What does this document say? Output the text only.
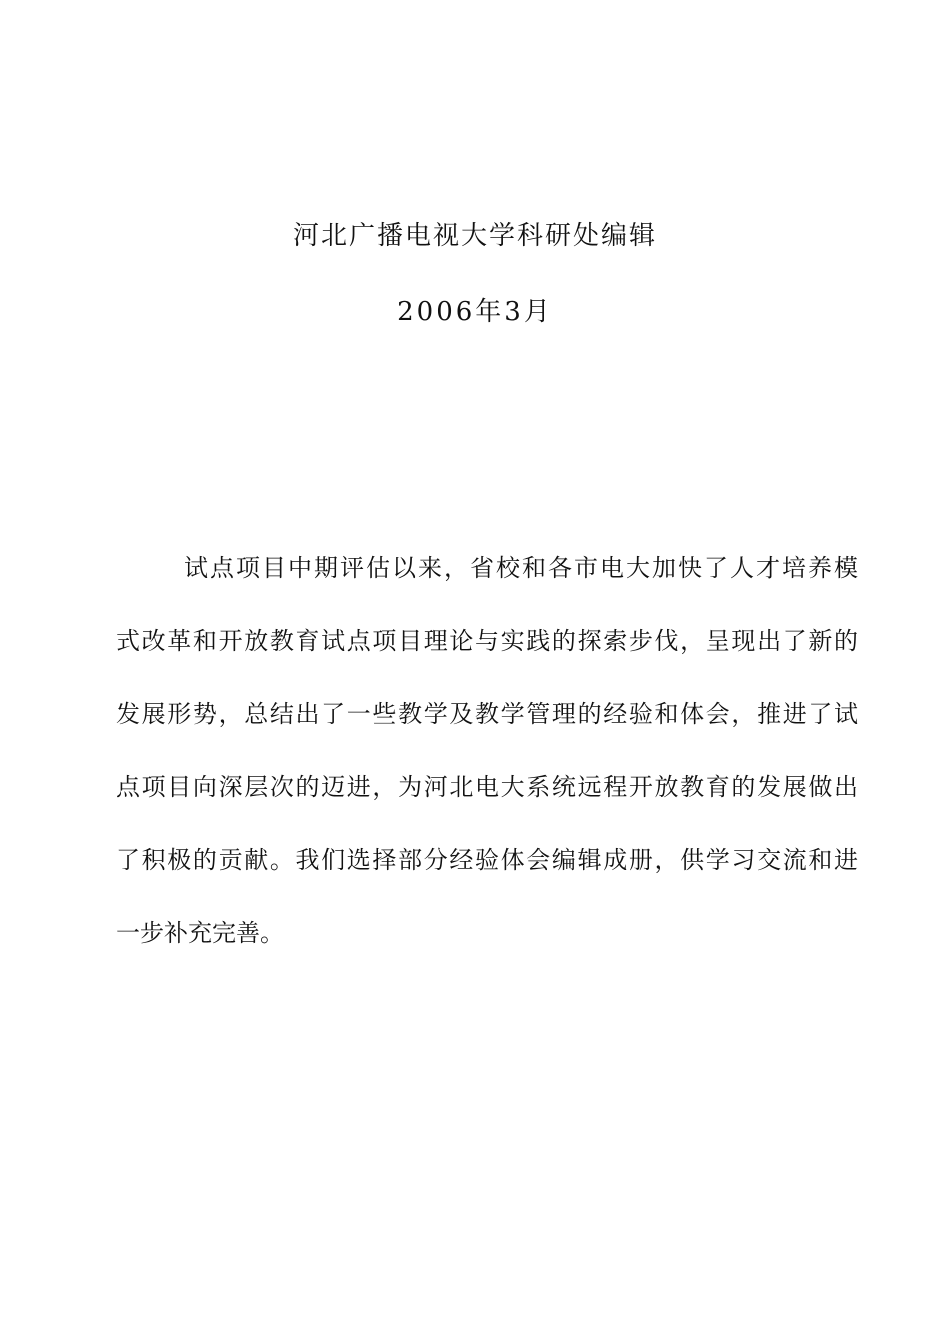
河北广播电视大学科研处编辑
2006年3月
试点项目中期评估以来，省校和各市电大加快了人才培养模
式改革和开放教育试点项目理论与实践的探索步伐，呈现出了新的
发展形势，总结出了一些教学及教学管理的经验和体会，推进了试
点项目向深层次的迈进，为河北电大系统远程开放教育的发展做出
了积极的贡献。我们选择部分经验体会编辑成册，供学习交流和进
一步补充完善。
